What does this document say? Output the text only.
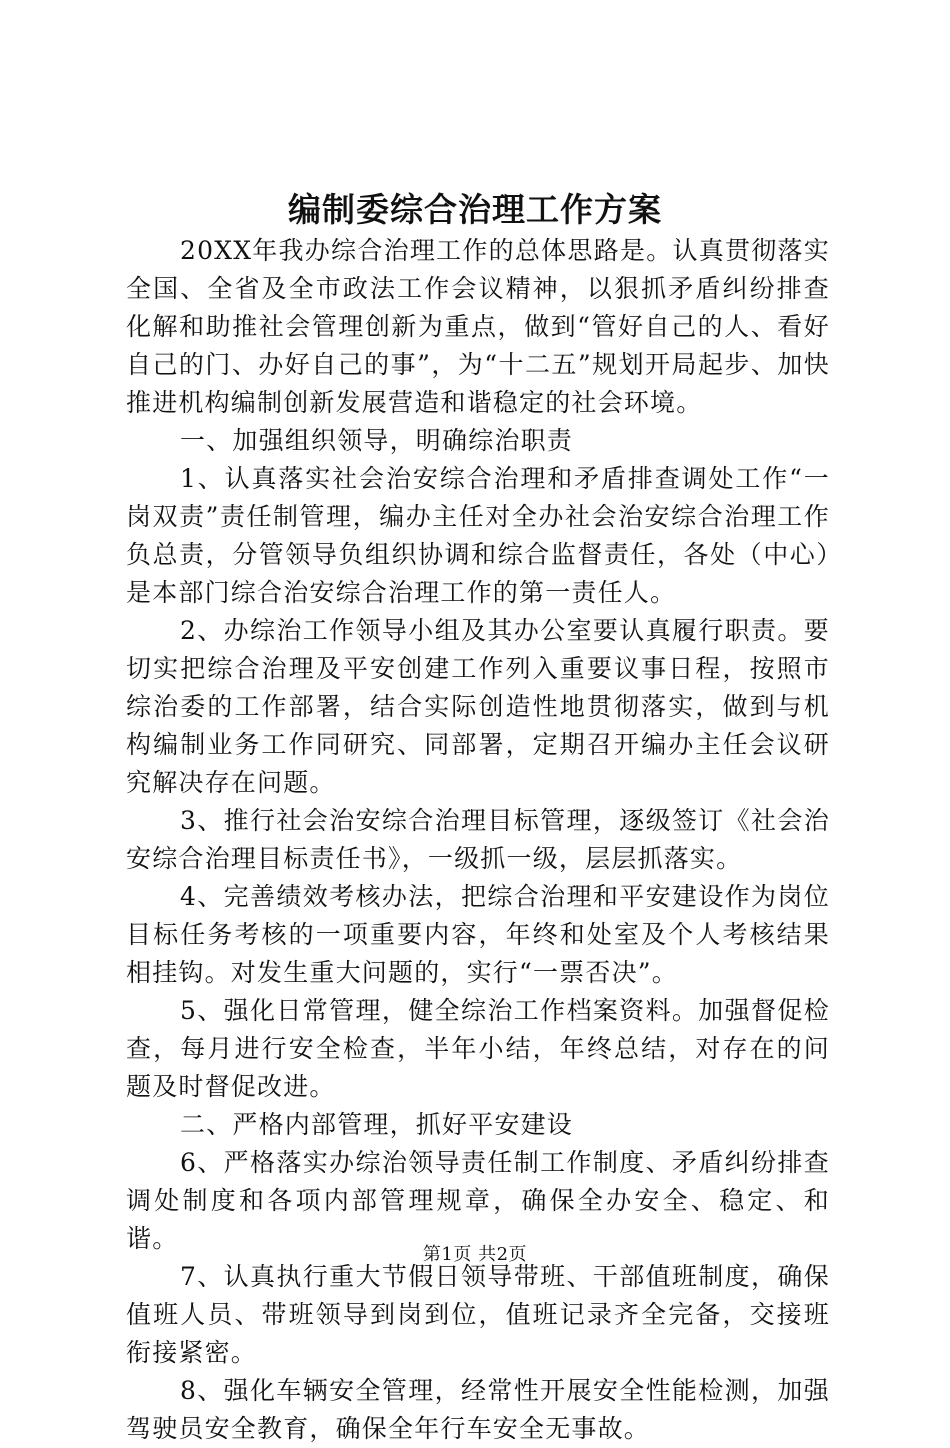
编制委综合治理工作方案

20XX年我办综合治理工作的总体思路是。认真贯彻落实全国、全省及全市政法工作会议精神，以狠抓矛盾纠纷排查化解和助推社会管理创新为重点，做到“管好自己的人、看好自己的门、办好自己的事”，为“十二五”规划开局起步、加快推进机构编制创新发展营造和谐稳定的社会环境。

一、加强组织领导，明确综治职责

1、认真落实社会治安综合治理和矛盾排查调处工作“一岗双责”责任制管理，编办主任对全办社会治安综合治理工作负总责，分管领导负组织协调和综合监督责任，各处（中心）是本部门综合治安综合治理工作的第一责任人。

2、办综治工作领导小组及其办公室要认真履行职责。要切实把综合治理及平安创建工作列入重要议事日程，按照市综治委的工作部署，结合实际创造性地贯彻落实，做到与机构编制业务工作同研究、同部署，定期召开编办主任会议研究解决存在问题。

3、推行社会治安综合治理目标管理，逐级签订《社会治安综合治理目标责任书》，一级抓一级，层层抓落实。

4、完善绩效考核办法，把综合治理和平安建设作为岗位目标任务考核的一项重要内容，年终和处室及个人考核结果相挂钩。对发生重大问题的，实行“一票否决”。

5、强化日常管理，健全综治工作档案资料。加强督促检查，每月进行安全检查，半年小结，年终总结，对存在的问题及时督促改进。

二、严格内部管理，抓好平安建设

6、严格落实办综治领导责任制工作制度、矛盾纠纷排查调处制度和各项内部管理规章，确保全办安全、稳定、和谐。

7、认真执行重大节假日领导带班、干部值班制度，确保值班人员、带班领导到岗到位，值班记录齐全完备，交接班衔接紧密。

8、强化车辆安全管理，经常性开展安全性能检测，加强驾驶员安全教育，确保全年行车安全无事故。

第1页 共2页
